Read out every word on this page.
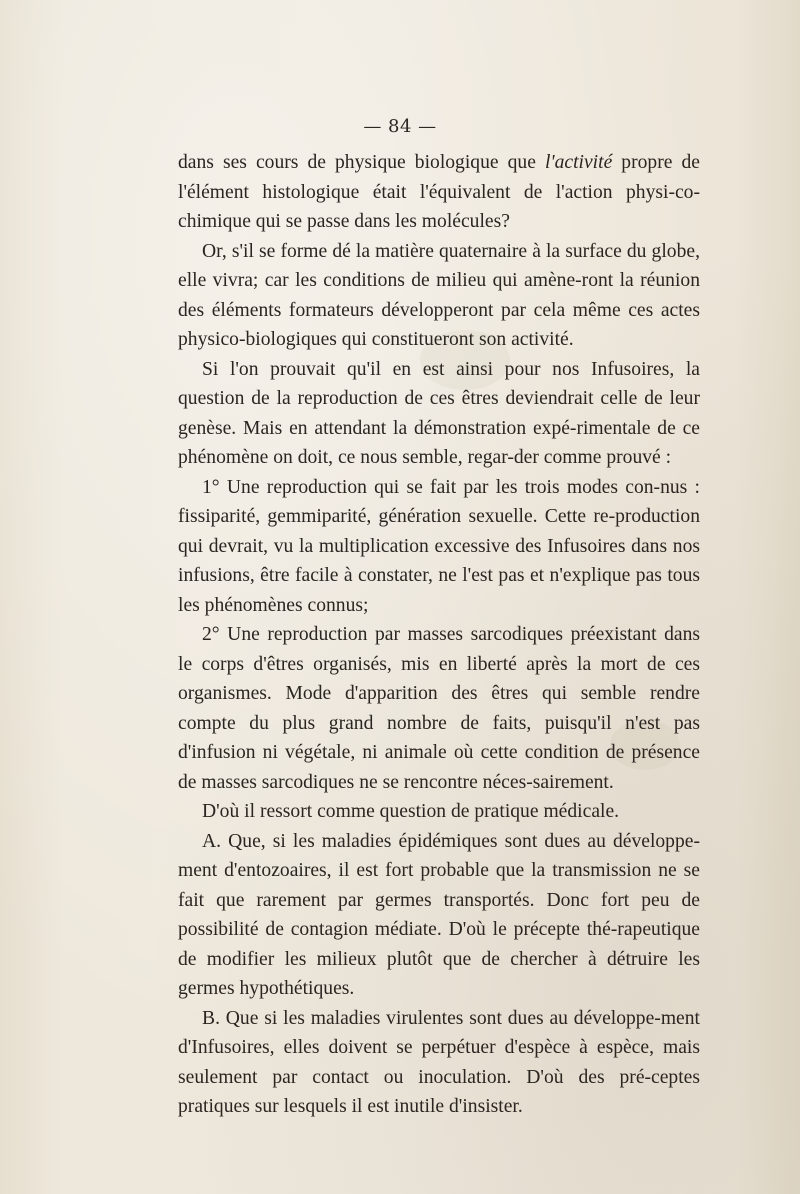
— 84 —

dans ses cours de physique biologique que l'activité propre de l'élément histologique était l'équivalent de l'action physi-co-chimique qui se passe dans les molécules?

Or, s'il se forme dé la matière quaternaire à la surface du globe, elle vivra; car les conditions de milieu qui amène-ront la réunion des éléments formateurs développeront par cela même ces actes physico-biologiques qui constitueront son activité.

Si l'on prouvait qu'il en est ainsi pour nos Infusoires, la question de la reproduction de ces êtres deviendrait celle de leur genèse. Mais en attendant la démonstration expé-rimentale de ce phénomène on doit, ce nous semble, regar-der comme prouvé :

1° Une reproduction qui se fait par les trois modes con-nus : fissiparité, gemmiparité, génération sexuelle. Cette re-production qui devrait, vu la multiplication excessive des Infusoires dans nos infusions, être facile à constater, ne l'est pas et n'explique pas tous les phénomènes connus;

2° Une reproduction par masses sarcodiques préexistant dans le corps d'êtres organisés, mis en liberté après la mort de ces organismes. Mode d'apparition des êtres qui semble rendre compte du plus grand nombre de faits, puisqu'il n'est pas d'infusion ni végétale, ni animale où cette condition de présence de masses sarcodiques ne se rencontre néces-sairement.

D'où il ressort comme question de pratique médicale.

A. Que, si les maladies épidémiques sont dues au développe-ment d'entozoaires, il est fort probable que la transmission ne se fait que rarement par germes transportés. Donc fort peu de possibilité de contagion médiate. D'où le précepte thé-rapeutique de modifier les milieux plutôt que de chercher à détruire les germes hypothétiques.

B. Que si les maladies virulentes sont dues au développe-ment d'Infusoires, elles doivent se perpétuer d'espèce à espèce, mais seulement par contact ou inoculation. D'où des pré-ceptes pratiques sur lesquels il est inutile d'insister.
